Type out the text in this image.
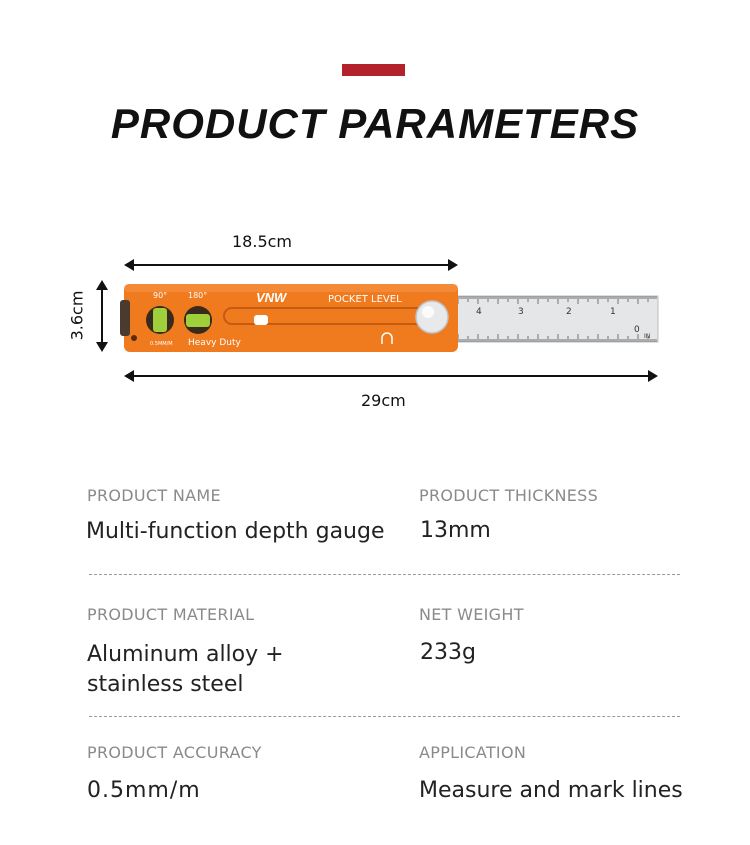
PRODUCT PARAMETERS
18.5cm
3.6cm	4	3	2	1
0
IN
90°	180°
0.5MM/M
VNW	POCKET LEVEL
Heavy Duty
29cm
PRODUCT NAME
Multi-function depth gauge
PRODUCT THICKNESS
13mm
PRODUCT MATERIAL
Aluminum alloy +
stainless steel
NET WEIGHT
233g
PRODUCT ACCURACY
0.5mm/m
APPLICATION
Measure and mark lines
